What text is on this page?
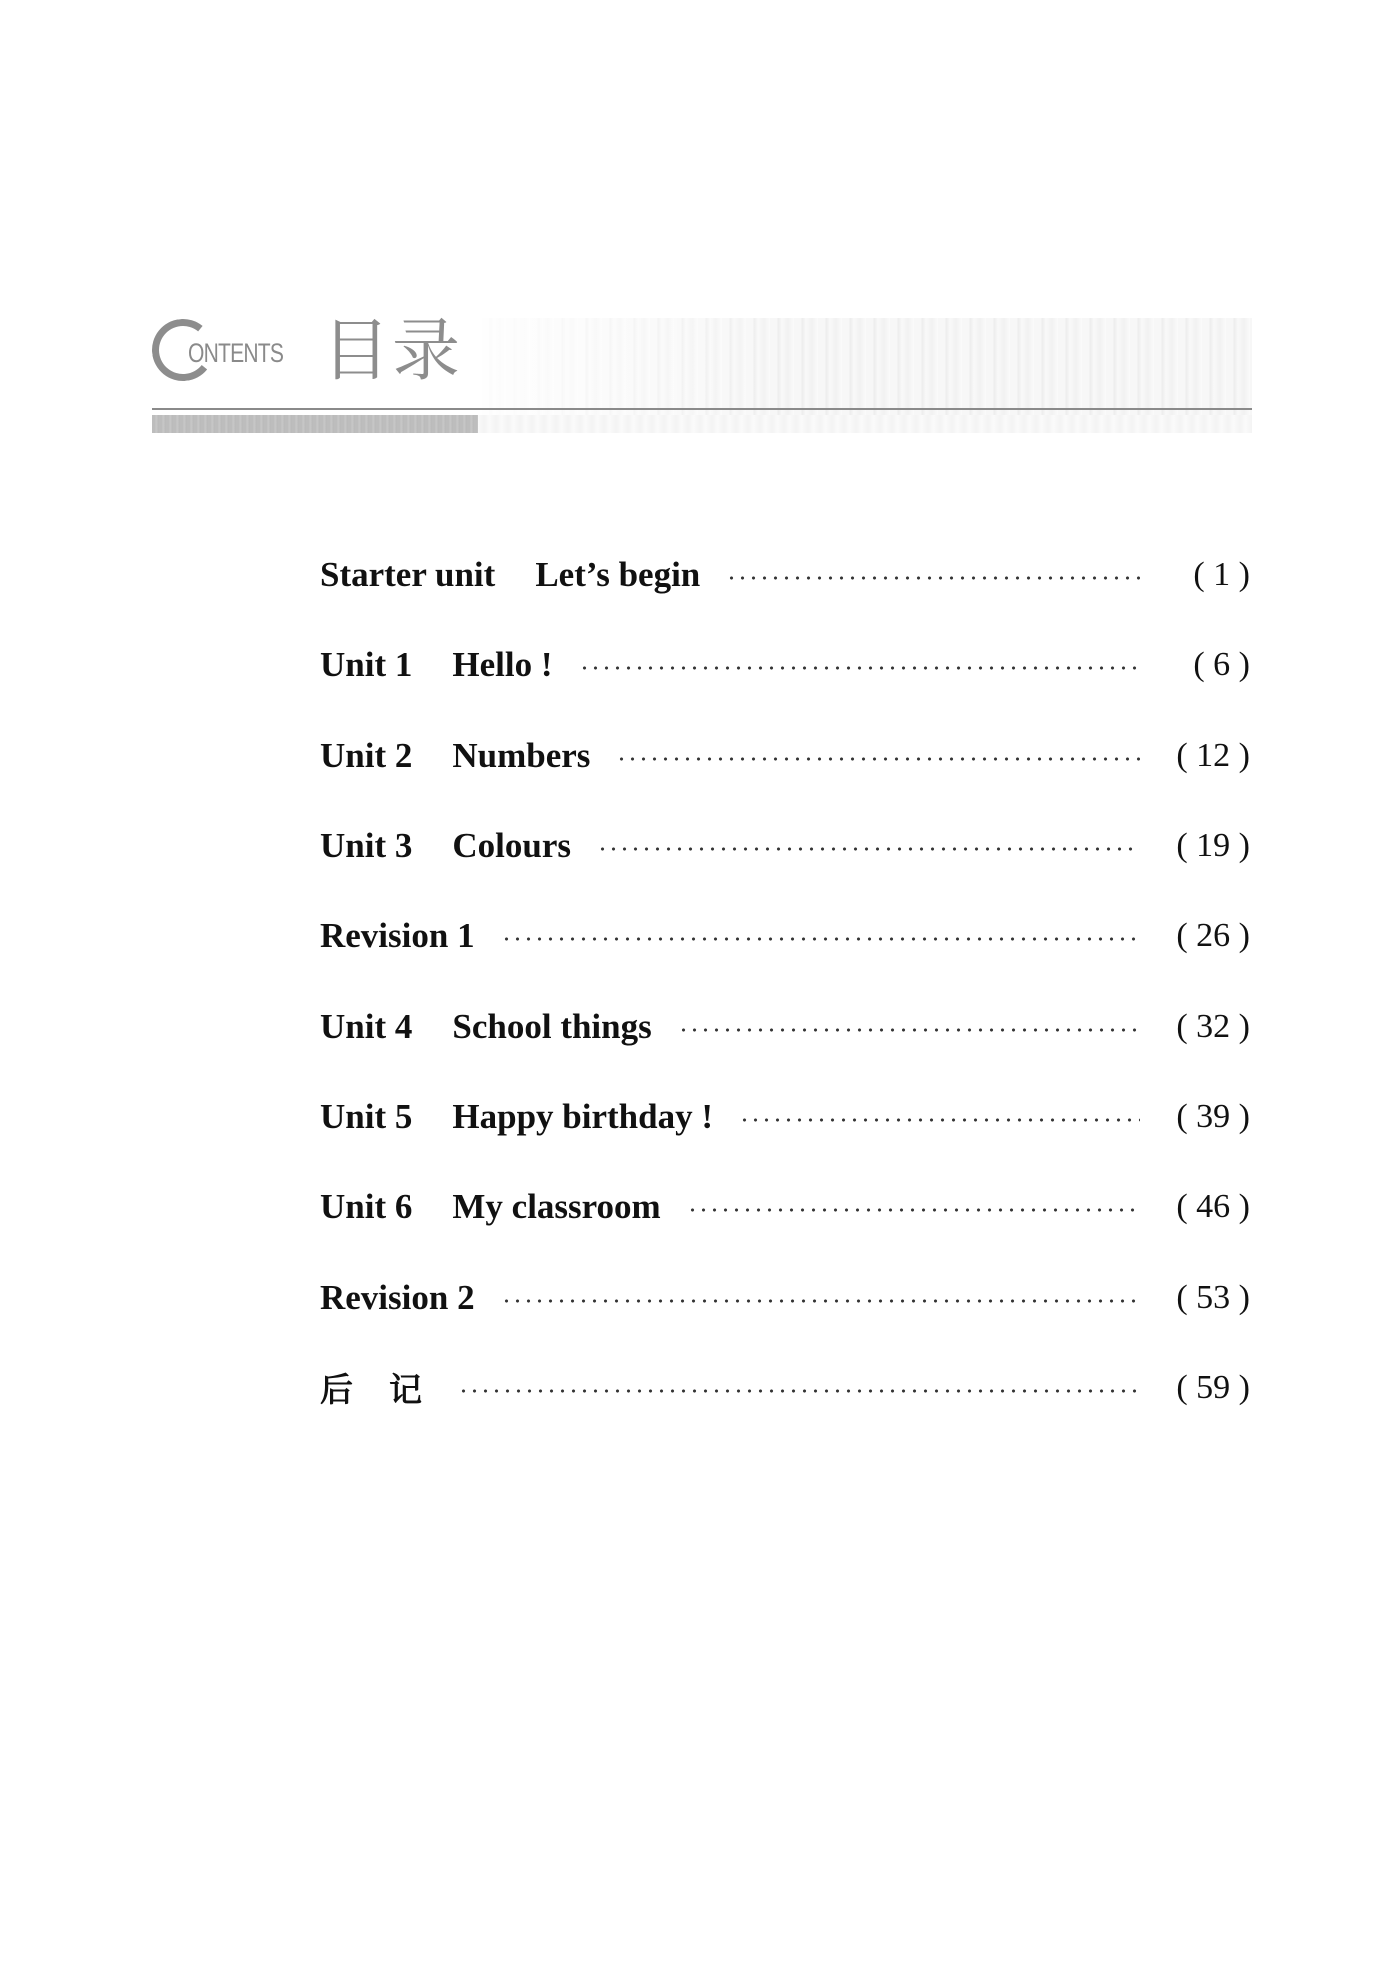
ONTENTS 目录
Starter unit Let’s begin	( 1 )
Unit 1 Hello !	( 6 )
Unit 2 Numbers	( 12 )
Unit 3 Colours	( 19 )
Revision 1	( 26 )
Unit 4 School things	( 32 )
Unit 5 Happy birthday !	( 39 )
Unit 6 My classroom	( 46 )
Revision 2	( 53 )
后记	( 59 )
